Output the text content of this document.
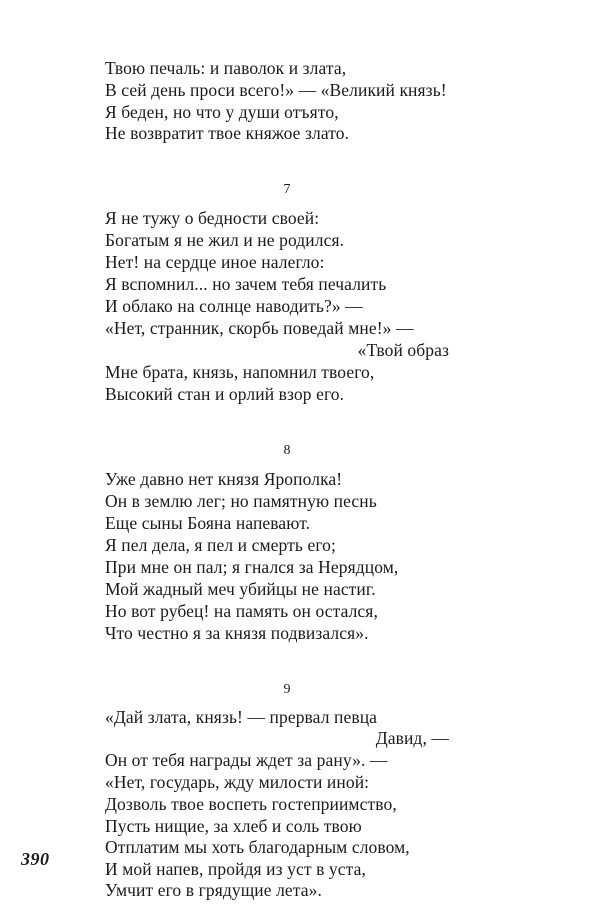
Твою печаль: и паволок и злата,
В сей день проси всего!» — «Великий князь!
Я беден, но что у души отъято,
Не возвратит твое княжое злато.
7
Я не тужу о бедности своей:
Богатым я не жил и не родился.
Нет! на сердце иное налегло:
Я вспомнил... но зачем тебя печалить
И облако на солнце наводить?» —
«Нет, странник, скорбь поведай мне!» —
«Твой образ
Мне брата, князь, напомнил твоего,
Высокий стан и орлий взор его.
8
Уже давно нет князя Ярополка!
Он в землю лег; но памятную песнь
Еще сыны Бояна напевают.
Я пел дела, я пел и смерть его;
При мне он пал; я гнался за Нерядцом,
Мой жадный меч убийцы не настиг.
Но вот рубец! на память он остался,
Что честно я за князя подвизался».
9
«Дай злата, князь! — прервал певца
Давид, —
Он от тебя награды ждет за рану». —
«Нет, государь, жду милости иной:
Дозволь твое воспеть гостеприимство,
Пусть нищие, за хлеб и соль твою
Отплатим мы хоть благодарным словом,
И мой напев, пройдя из уст в уста,
Умчит его в грядущие лета».
390
